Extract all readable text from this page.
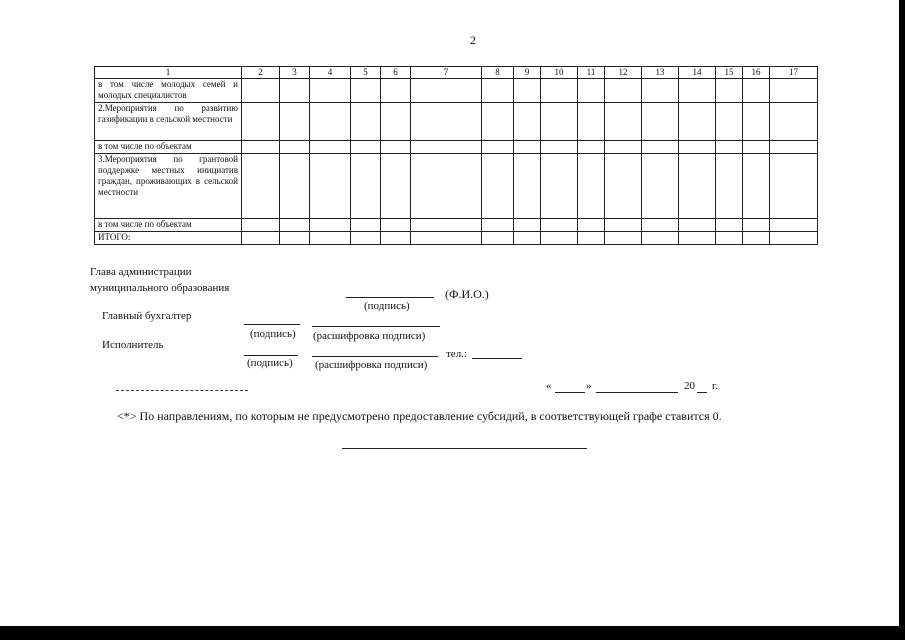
2
1	2	3	4	5	6	7	8	9	10	11	12	13	14	15	16	17
в том числе молодых семей и молодых специалистов																
2.Мероприятия по развитию газификации в сельской местности																
в том числе по объектам																
3.Мероприятия по грантовой поддержке местных инициатив граждан, проживающих в сельской местности																
в том числе по объектам																
ИТОГО:																
Глава администрации
муниципального образования	(Ф.И.О.)
(подпись)
Главный бухгалтер
(подпись) (расшифровка подписи)
Исполнитель
тел.:
(подпись) (расшифровка подписи)
«	»	20 г.
<*> По направлениям, по которым не предусмотрено предоставление субсидий, в соответствующей графе ставится 0.
